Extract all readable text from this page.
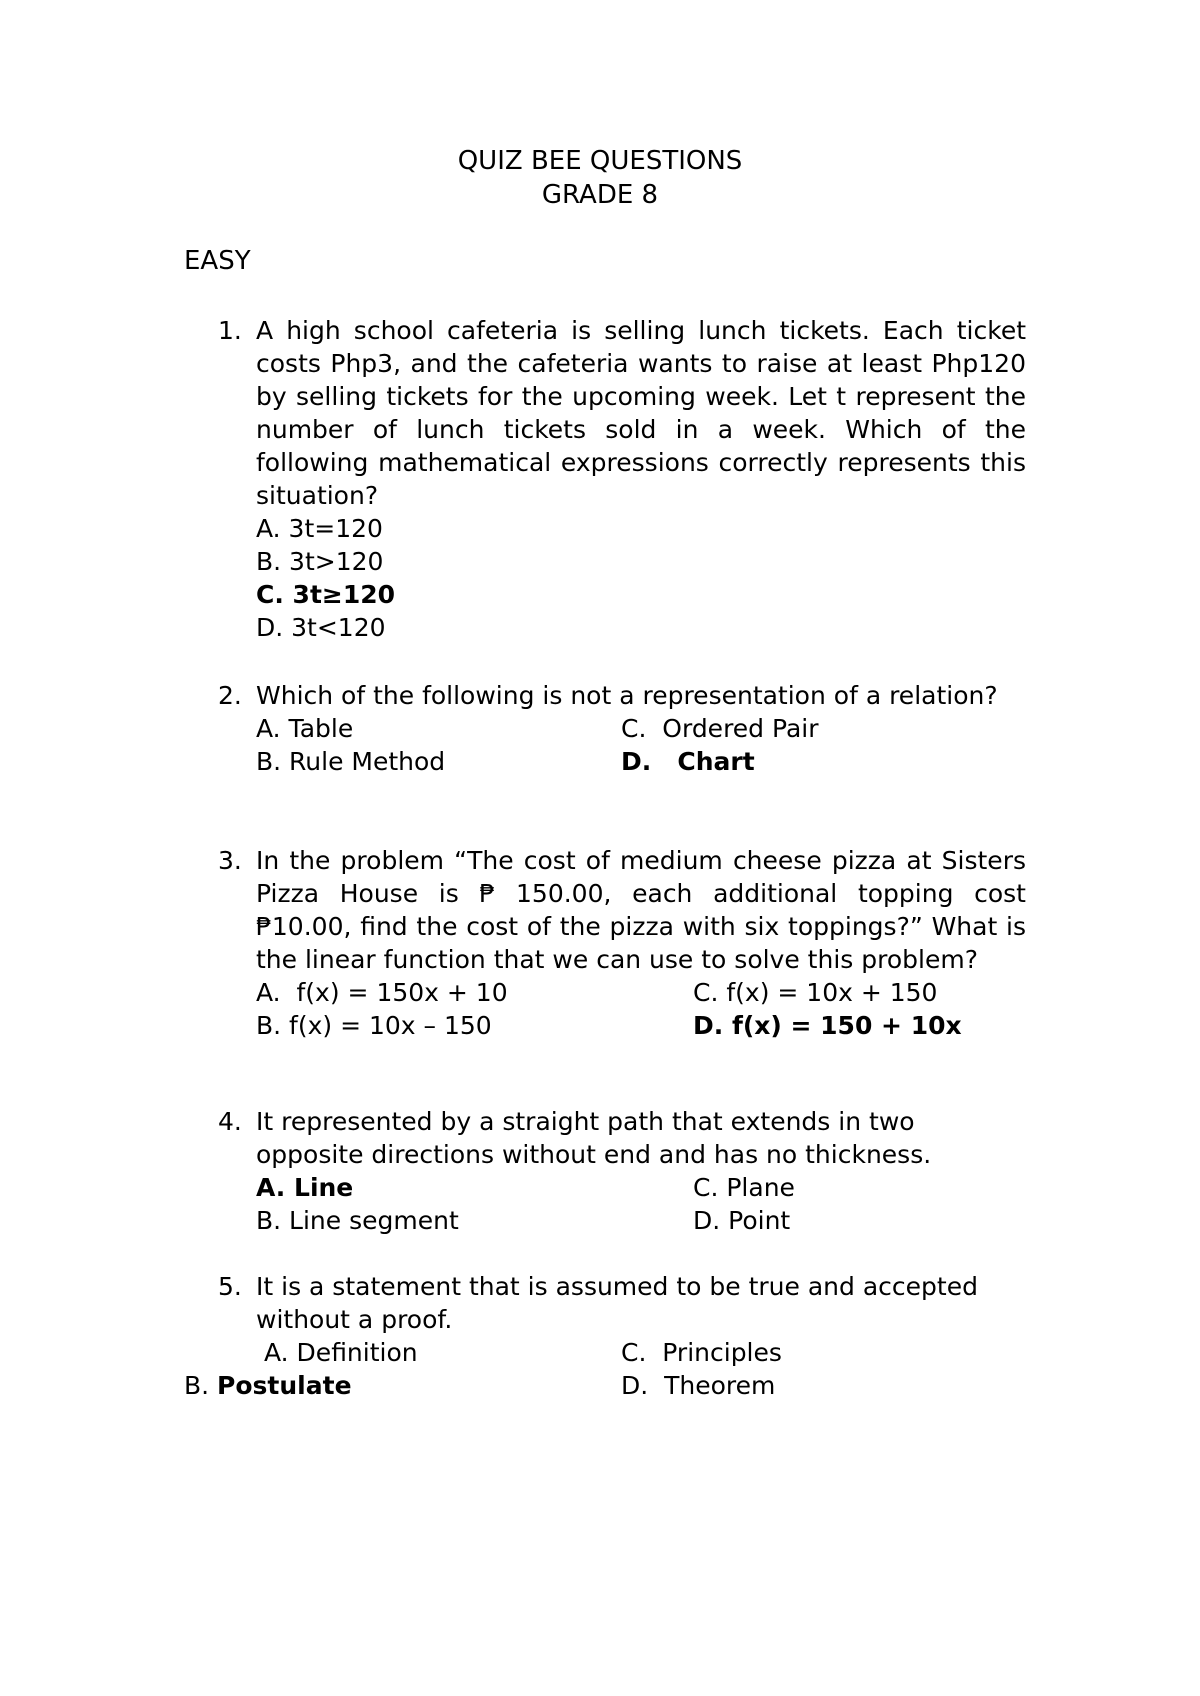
QUIZ BEE QUESTIONS
GRADE 8
EASY
1. A high school cafeteria is selling lunch tickets. Each ticket costs Php3, and the cafeteria wants to raise at least Php120 by selling tickets for the upcoming week. Let t represent the number of lunch tickets sold in a week. Which of the following mathematical expressions correctly represents this situation?
A. 3t=120
B. 3t>120
C. 3t≥120
D. 3t<120
2. Which of the following is not a representation of a relation?
A. Table	C.  Ordered Pair
B. Rule Method	D.   Chart
3. In the problem “The cost of medium cheese pizza at Sisters Pizza House is ₱ 150.00, each additional topping cost ₱10.00, find the cost of the pizza with six toppings?” What is the linear function that we can use to solve this problem?
A.  f(x) = 150x + 10	C. f(x) = 10x + 150
B. f(x) = 10x – 150	D. f(x) = 150 + 10x
4. It represented by a straight path that extends in two opposite directions without end and has no thickness.
A. Line	C. Plane
B. Line segment	D. Point
5. It is a statement that is assumed to be true and accepted without a proof.
A. Definition	C.  Principles
B. Postulate	D.  Theorem
